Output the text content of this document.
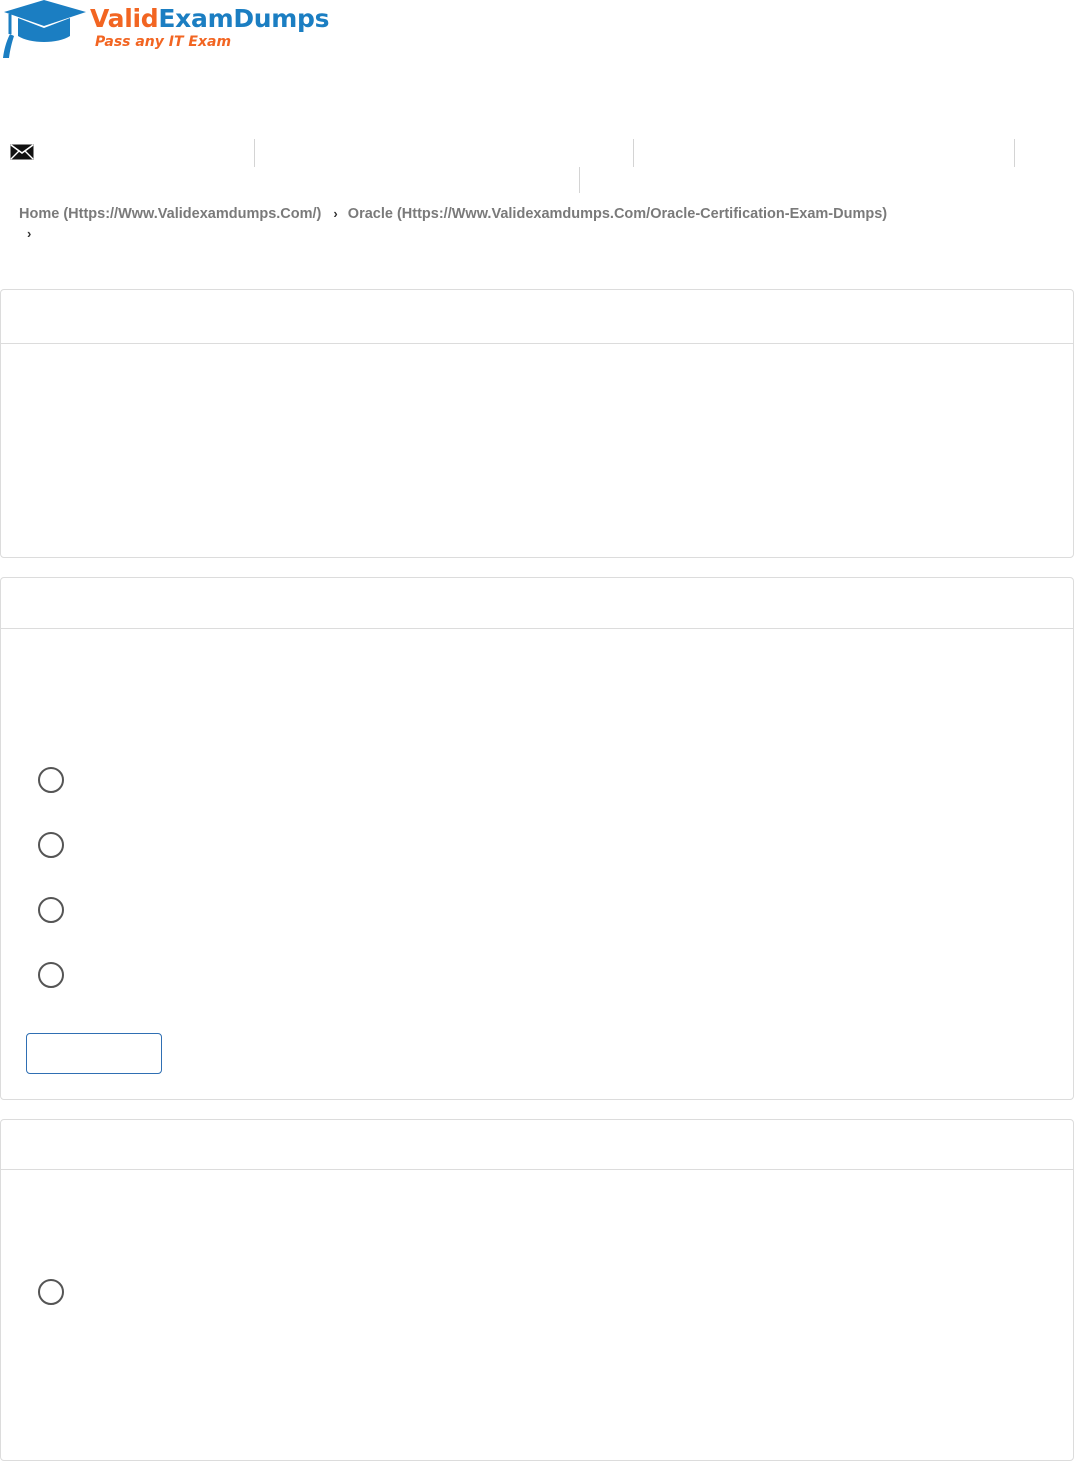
ValidExamDumps
Pass any IT Exam
Home (Https://Www.Validexamdumps.Com/) › Oracle (Https://Www.Validexamdumps.Com/Oracle-Certification-Exam-Dumps)
›
